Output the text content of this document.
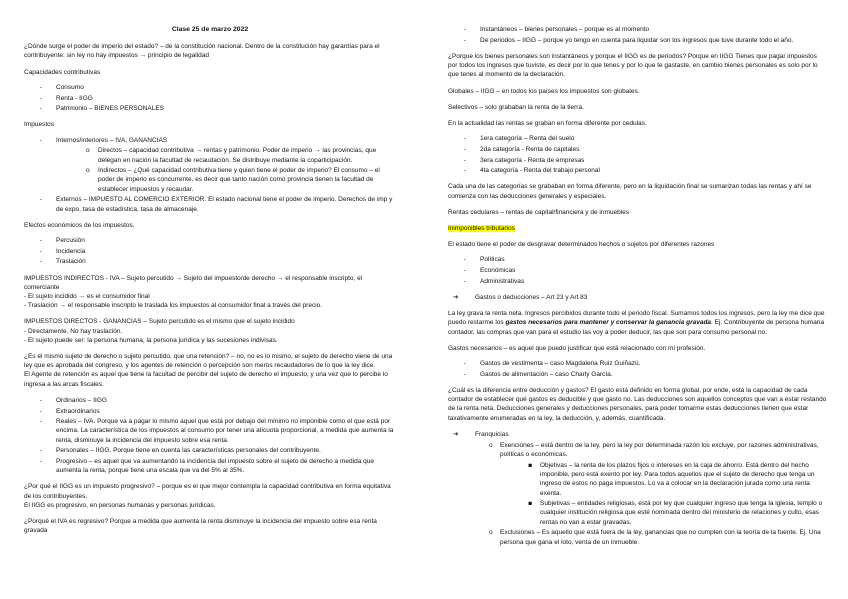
Clase 25 de marzo 2022

¿Dónde surge el poder de imperio del estado? – de la constitución nacional. Dentro de la constitución hay garantías para el contribuyente: sin ley no hay impuestos → principio de legalidad

Capacidades contributivas

- Consumo
- Renta - IIGG
- Patrimonio – BIENES PERSONALES

Impuestos

- Internos/interiores – IVA, GANANCIAS
o Directos – capacidad contributiva → rentas y patrimonio. Poder de imperio → las provincias, que delegan en nación la facultad de recaudación. Se distribuye mediante la coparticipación.
o Indirectos – ¿Qué capacidad contributiva tiene y quien tiene el poder de imperio? El consumo – el poder de imperio es concurrente, es decir que tanto nación como provincia tienen la facultad de establecer impuestos y recaudar.
- Externos – IMPUESTO AL COMERCIO EXTERIOR. El estado nacional tiene el poder de imperio. Derechos de imp y de expo, tasa de estadística, tasa de almacenaje.

Efectos económicos de los impuestos.

- Percusión
- Incidencia
- Traslación
IMPUESTOS INDIRECTOS - IVA – Sujeto percutido → Sujeto del impuesto/de derecho → el responsable inscripto, el comerciante
- El sujeto incidido → es el consumidor final
- Traslación → el responsable inscripto le traslada los impuestos al consumidor final a través del precio.
IMPUESTOS DIRECTOS - GANANCIAS – Sujeto percutido es el mismo que el sujeto incidido
- Directamente. No hay traslación.
- El sujeto puede ser: la persona humana, la persona jurídica y las sucesiones indivisas.
¿Es el mismo sujeto de derecho o sujeto percutido, que una retención? – no, no es lo mismo, el sujeto de derecho viene de una ley que es aprobada del congreso, y los agentes de retención o percepción son meros recaudadores de lo que la ley dice.
El Agente de retención es aquel que tiene la facultad de percibir del sujeto de derecho el impuesto, y una vez que lo percibe lo ingresa a las arcas fiscales.
- Ordinarios – IIGG
- Extraordinarios
- Reales – IVA. Porque va a pagar lo mismo aquel que está por debajo del mínimo no imponible como el que está por encima. La característica de los impuestos al consumo por tener una alícuota proporcional, a medida que aumenta la renta, disminuye la incidencia del impuesto sobre esa renta.
- Personales – IIGG. Porque tiene en cuenta las características personales del contribuyente.
- Progresivo – es aquel que va aumentando la incidencia del impuesto sobre el sujeto de derecho a medida que aumenta la renta, porque tiene una escala que va del 5% al 35%.
¿Por qué el IIGG es un impuesto progresivo? – porque es el que mejor contempla la capacidad contributiva en forma equitativa de los contribuyentes.
El IIGG es progresivo, en personas humanas y personas jurídicas.

¿Porqué el IVA es regresivo? Porque a medida que aumenta la renta disminuye la incidencia del impuesto sobre esa renta gravada

- Instantáneos – bienes personales – porque es al momento
- De periodos – IIGG – porque yo tengo en cuenta para liquidar son los ingresos que tuve durante todo el año.

¿Porque los bienes personales son instantáneos y porque el IIGG es de periodos? Porque en IIGG Tienes que pagar impuestos por todos los ingresos que tuviste, es decir por lo que tenes y por lo que te gastaste, en cambio bienes personales es solo por lo que tenes al momento de la declaración.

Globales – IIGG – en todos los países los impuestos son globales.

Selectivos – solo grababan la renta de la tierra.

En la actualidad las rentas se graban en forma diferente por cedulas.

- 1era categoría – Renta del suelo
- 2da categoría - Renta de capitales
- 3era categoría - Renta de empresas
- 4ta categoría - Renta del trabajo personal

Cada una de las categorías se grababan en forma diferente, pero en la liquidación final se sumarizan todas las rentas y ahí se comienza con las deducciones generales y especiales.

Rentas cedulares – rentas de capital/financiera y de inmuebles

Inimponibles tributarios

El estado tiene el poder de desgravar determinados hechos o sujetos por diferentes razones

- Políticas
- Económicas
- Administrativas
➔ Gastos o deducciones – Art 23 y Art 83

La ley grava la renta neta. Ingresos percibidos durante todo el periodo fiscal. Sumamos todos los ingresos, pero la ley me dice que puedo restarme los gastos necesarios para mantener y conservar la ganancia gravada. Ej. Contribuyente de persona humana contador, las compras que van para el estudio las voy a poder deducir, las que son para consumo personal no.

Gastos necesarios – es aquel que puedo justificar que está relacionado con mi profesión.

- Gastos de vestimenta – caso Magdalena Ruiz Guiñazú.
- Gastos de alimentación – caso Charly García.

¿Cuál es la diferencia entre deducción y gastos? El gasto está definido en forma global, por ende, está la capacidad de cada contador de establecer qué gastos es deducible y que gasto no. Las deducciones son aquellos conceptos que van a estar restando de la renta neta. Deducciones generales y deducciones personales, para poder tomarme estas deducciones tienen que estar taxativamente enumeradas en la ley, la deducción, y, además, cuantificada.

➔ Franquicias
o Exenciones – está dentro de la ley, pero la ley por determinada razón los excluye, por razones administrativas, políticas o económicas.
▪ Objetivas – la renta de los plazos fijos o intereses en la caja de ahorro. Está dentro del hecho imponible, pero está exento por ley. Para todos aquellos que el sujeto de derecho que tenga un ingreso de estos no paga impuestos. Lo va a colocar en la declaración jurada como una renta exenta.
▪ Subjetivas – entidades religiosas, está por ley que cualquier ingreso que tenga la iglesia, templo o cualquier institución religiosa que esté nominada dentro del ministerio de relaciones y culto, esas rentas no van a estar gravadas.
o Exclusiones – Es aquello que está fuera de la ley, ganancias que no cumplen con la teoría de la fuente. Ej. Una persona que gana el loto, venta de un inmueble.
